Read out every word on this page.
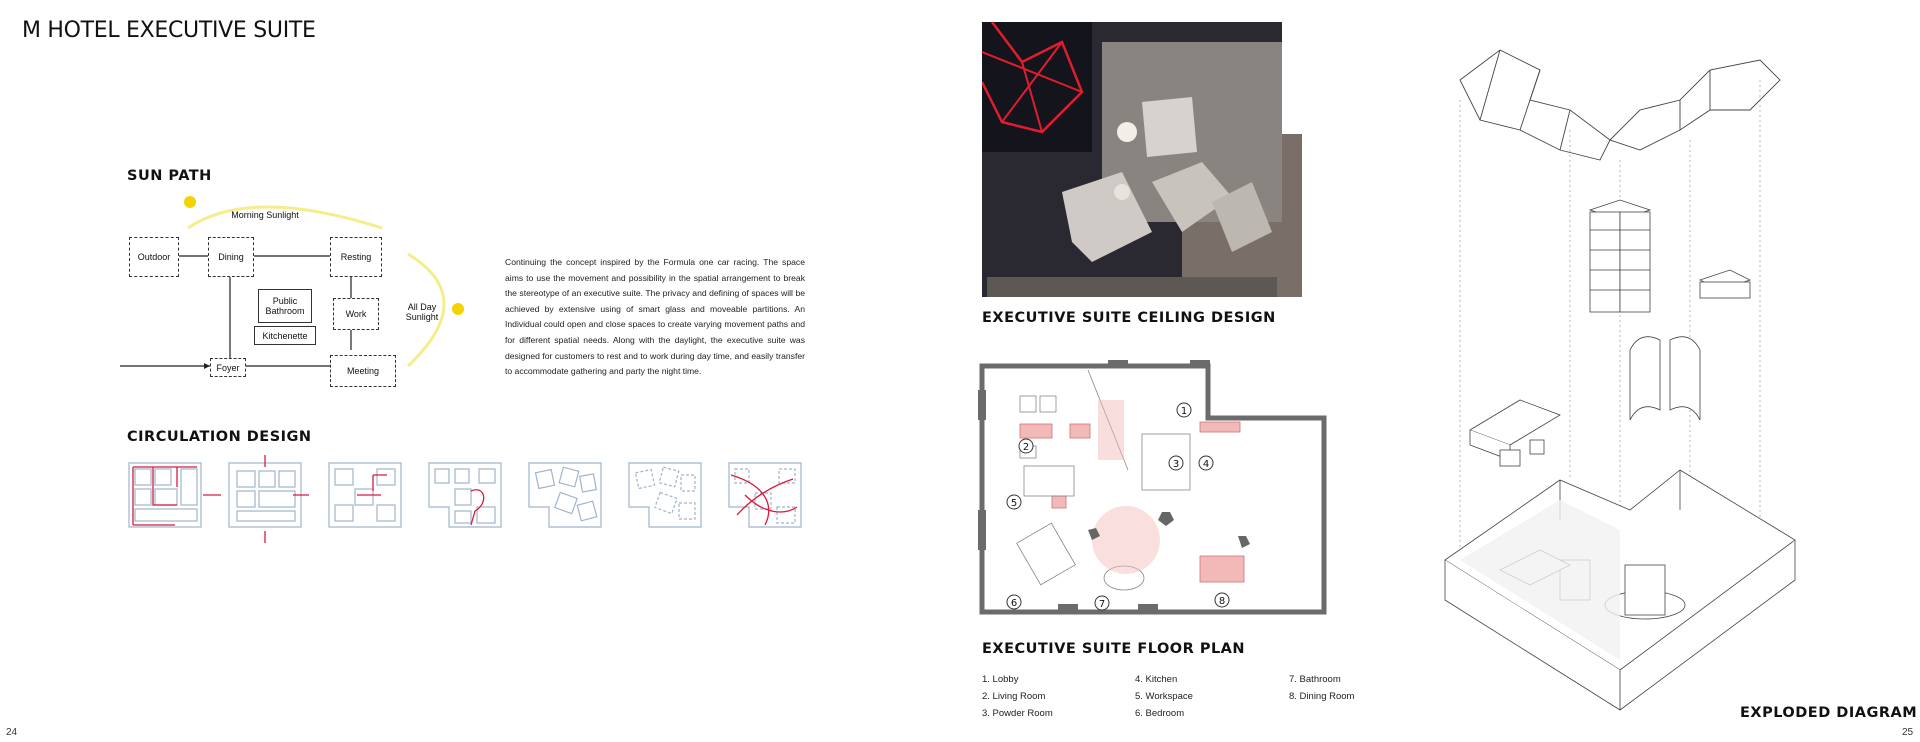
M HOTEL EXECUTIVE SUITE
SUN PATH
Outdoor	Dining	Resting
Public
Bathroom
Kitchenette
Work
Foyer	Meeting
Morning Sunlight
All Day
Sunlight
Continuing the concept inspired by the Formula one car racing. The space aims to use the movement and possibility in the spatial arrangement to break the stereotype of an executive suite. The privacy and defining of spaces will be achieved by extensive using of smart glass and moveable partitions. An Individual could open and close spaces to create varying movement paths and for different spatial needs. Along with the daylight, the executive suite was designed for customers to rest and to work during day time, and easily transfer to accommodate gathering and party the night time.
CIRCULATION DESIGN
24
EXECUTIVE SUITE CEILING DESIGN
1
2
3 4
5
6	7	8
EXECUTIVE SUITE FLOOR PLAN
1. Lobby
2. Living Room
3. Powder Room
4. Kitchen
5. Workspace
6. Bedroom
7. Bathroom
8. Dining Room
EXPLODED DIAGRAM
25
